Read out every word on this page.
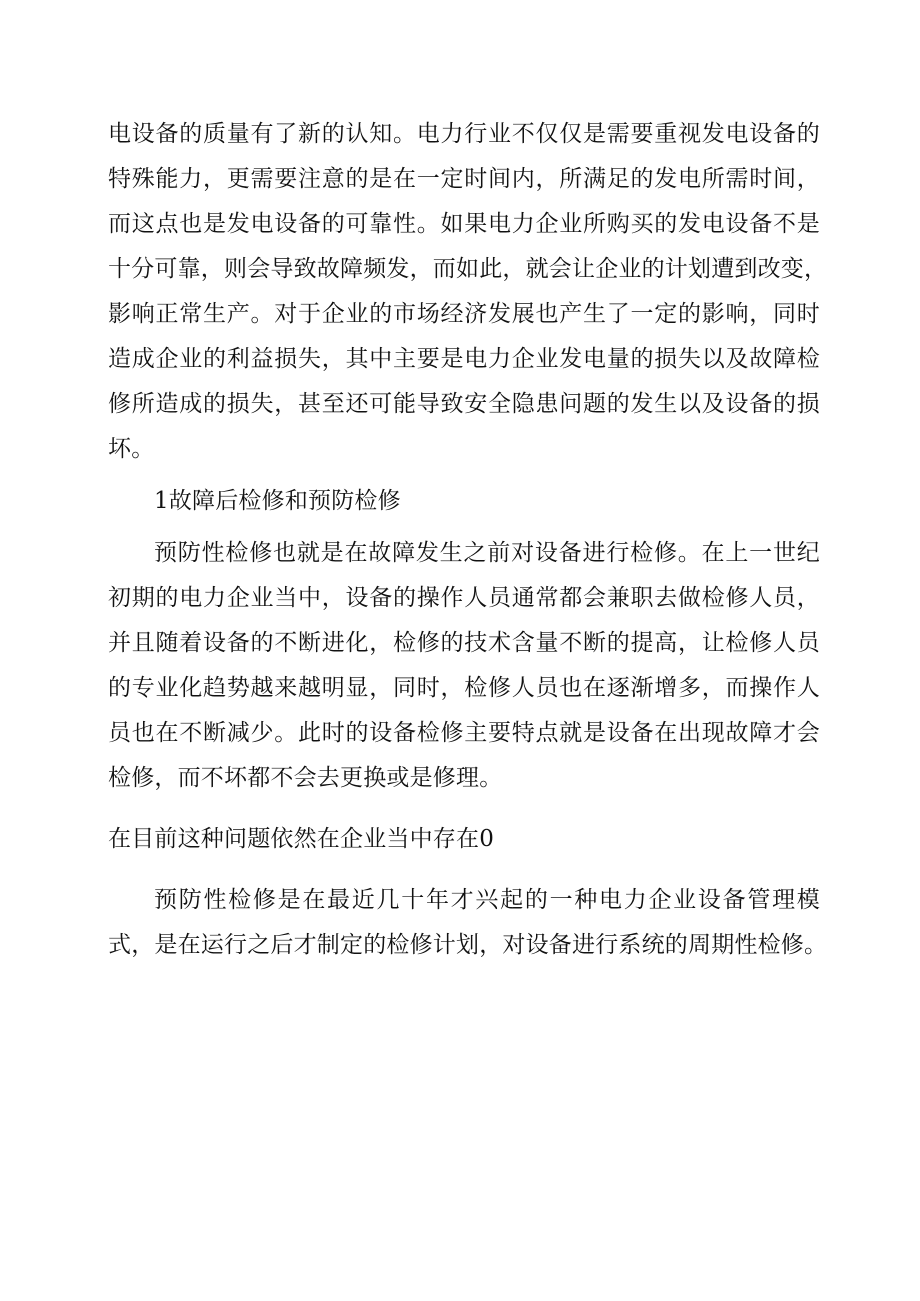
电设备的质量有了新的认知。电力行业不仅仅是需要重视发电设备的
特殊能力，更需要注意的是在一定时间内，所满足的发电所需时间，
而这点也是发电设备的可靠性。如果电力企业所购买的发电设备不是
十分可靠，则会导致故障频发，而如此，就会让企业的计划遭到改变，
影响正常生产。对于企业的市场经济发展也产生了一定的影响，同时
造成企业的利益损失，其中主要是电力企业发电量的损失以及故障检
修所造成的损失，甚至还可能导致安全隐患问题的发生以及设备的损
坏。

1故障后检修和预防检修

预防性检修也就是在故障发生之前对设备进行检修。在上一世纪

初期的电力企业当中，设备的操作人员通常都会兼职去做检修人员，
并且随着设备的不断进化，检修的技术含量不断的提高，让检修人员
的专业化趋势越来越明显，同时，检修人员也在逐渐增多，而操作人
员也在不断减少。此时的设备检修主要特点就是设备在出现故障才会
检修，而不坏都不会去更换或是修理。

在目前这种问题依然在企业当中存在0

预防性检修是在最近几十年才兴起的一种电力企业设备管理模

式，是在运行之后才制定的检修计划，对设备进行系统的周期性检修。
